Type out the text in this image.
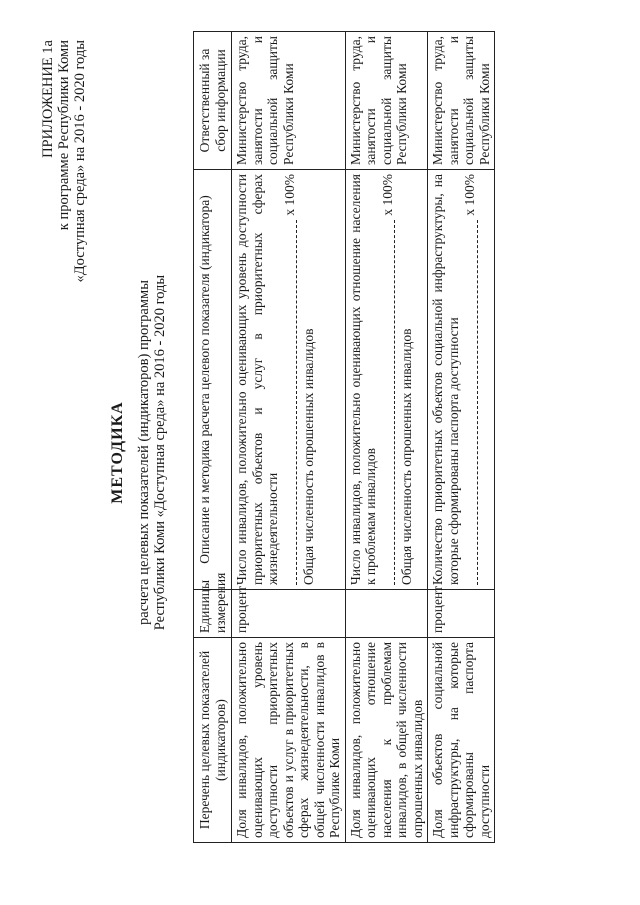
ПРИЛОЖЕНИЕ 1а к программе Республики Коми «Доступная среда» на 2016 - 2020 годы
МЕТОДИКА расчета целевых показателей (индикаторов) программы Республики Коми «Доступная среда» на 2016 - 2020 годы
Перечень целевых показателей (индикаторов)	Единицы измерения	Описание и методика расчета целевого показателя (индикатора)	Ответственный за сбор информации
Доля инвалидов, положительно оценивающих уровень доступности приоритетных объектов и услуг в приоритетных сферах жизнедеятельности, в общей численности инвалидов в Республике Коми	процент	Число инвалидов, положительно оценивающих уровень доступности приоритетных объектов и услуг в приоритетных сферах жизнедеятельности
х 100%
Общая численность опрошенных инвалидов	Министерство труда, занятости и социальной защиты Республики Коми
Доля инвалидов, положительно оценивающих отношение населения к проблемам инвалидов, в общей численности опрошенных инвалидов		Число инвалидов, положительно оценивающих отношение населения к проблемам инвалидов
х 100%
Общая численность опрошенных инвалидов	Министерство труда, занятости и социальной защиты Республики Коми
Доля объектов социальной инфраструктуры, на которые сформированы паспорта доступности	процент	Количество приоритетных объектов социальной инфраструктуры, на которые сформированы паспорта доступности
х 100%	Министерство труда, занятости и социальной защиты Республики Коми
